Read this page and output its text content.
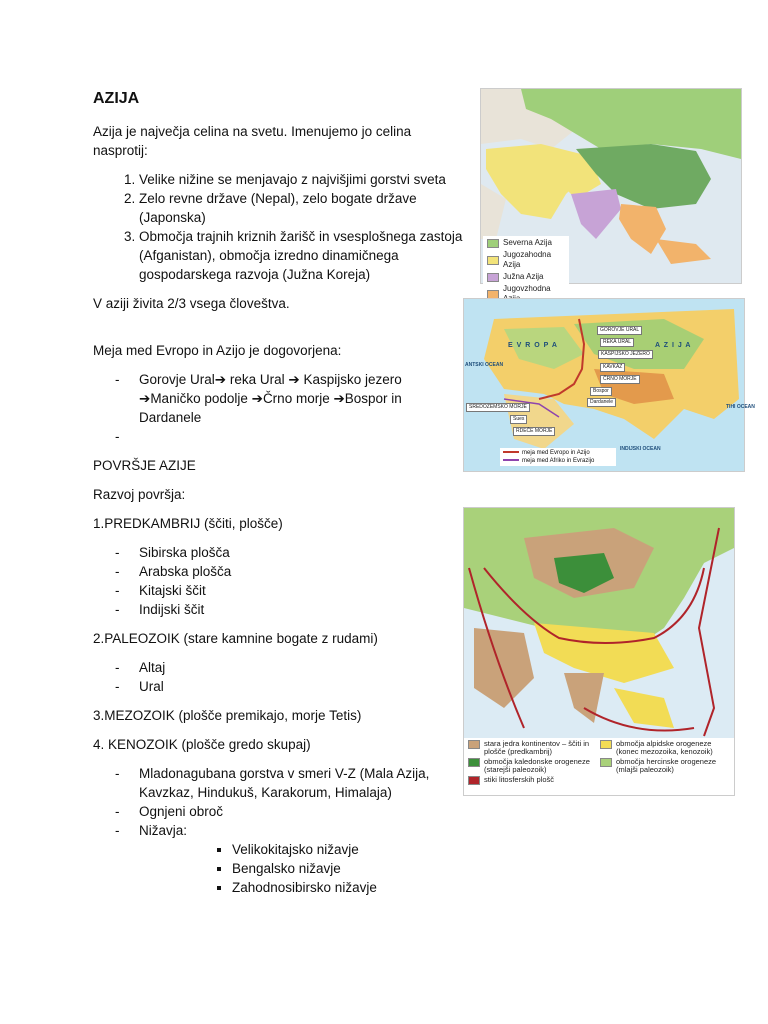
AZIJA

Azija je največja celina na svetu. Imenujemo jo celina nasprotij:

1. Velike nižine se menjavajo z najvišjimi gorstvi sveta
2. Zelo revne države (Nepal), zelo bogate države (Japonska)
3. Območja trajnih kriznih žarišč in vsesplošnega zastoja (Afganistan), območja izredno dinamičnega gospodarskega razvoja (Južna Koreja)

V aziji živita 2/3 vsega človeštva.

Meja med Evropo in Azijo je dogovorjena:

- Gorovje Ural➔ reka Ural ➔ Kaspijsko jezero ➔Maničko podolje ➔Črno morje ➔Bospor in Dardanele
-

POVRŠJE AZIJE

Razvoj površja:

1.PREDKAMBRIJ (ščiti, plošče)

- Sibirska plošča
- Arabska plošča
- Kitajski ščit
- Indijski ščit

2.PALEOZOIK (stare kamnine bogate z rudami)

- Altaj
- Ural

3.MEZOZOIK (plošče premikajo, morje Tetis)

4. KENOZOIK (plošče gredo skupaj)

- Mladonagubana gorstva v smeri V-Z (Mala Azija, Kavzkaz, Hindukuš, Karakorum, Himalaja)
- Ognjeni obroč
- Nižavja:
▪ Velikokitajsko nižavje
▪ Bengalsko nižavje
▪ Zahodnosibirsko nižavje
Severna Azija
Jugozahodna Azija
Južna Azija
Jugovzhodna
E V R O P A	A Z I J A
INDIJSKI OCEAN
TIHI OCEAN
ANTSKI OCEAN
GOROVJE URAL
REKA URAL
KASPIJSKO JEZERO
KAVKAZ
ČRNO MORJE
Bospor
Dardanele
SREDOZEMSKO MORJE
RDEČE MORJE
Sues
meja med Evropo in Azijo
meja med Afriko in Evrazijo
stara jedra kontinentov – ščiti in plošče (predkambrij)
območja kaledonske orogeneze (starejši paleozoik)
stiki litosferskih plošč
območja alpidske orogeneze (konec mezozoika, kenozoik)
območja hercinske orogeneze (mlajši paleozoik)
